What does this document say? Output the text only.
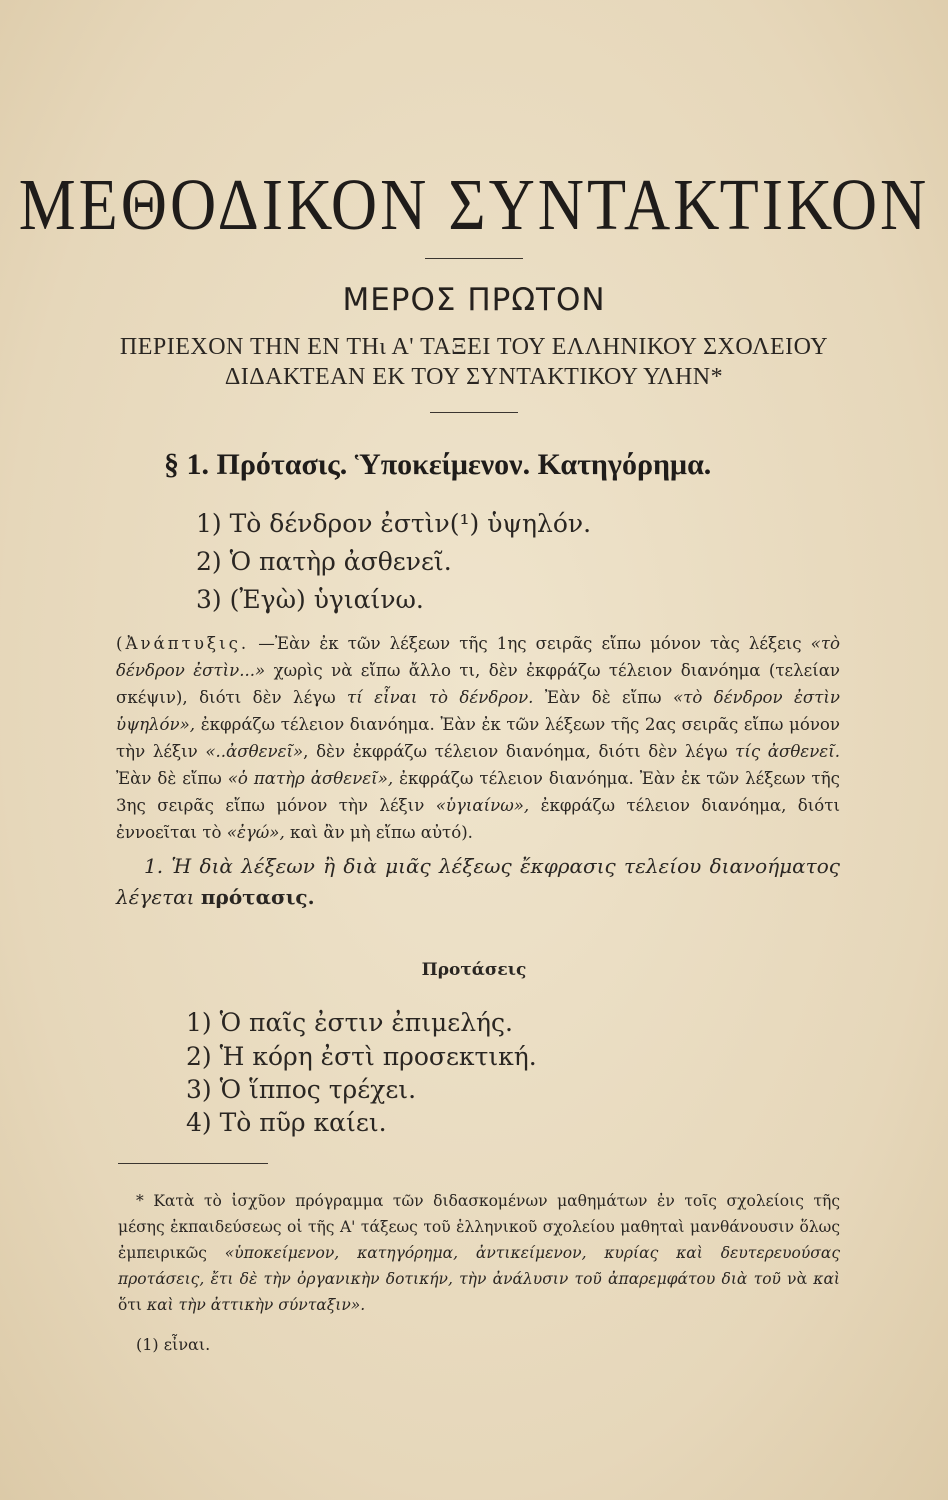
ΜΕΘΟΔΙΚΟΝ ΣΥΝΤΑΚΤΙΚΟΝ
ΜΕΡΟΣ ΠΡΩΤΟΝ
ΠΕΡΙΕΧΟΝ ΤΗΝ ΕΝ ΤΗι Α' ΤΑΞΕΙ ΤΟΥ ΕΛΛΗΝΙΚΟΥ ΣΧΟΛΕΙΟΥ
ΔΙΔΑΚΤΕΑΝ ΕΚ ΤΟΥ ΣΥΝΤΑΚΤΙΚΟΥ ΥΛΗΝ*
§ 1. Πρότασις. Ὑποκείμενον. Κατηγόρημα.
1) Τὸ δένδρον ἐστὶν(¹) ὑψηλόν.
2) Ὁ πατὴρ ἀσθενεῖ.
3) (Ἐγὼ) ὑγιαίνω.

(Ἀνάπτυξις. —Ἐὰν ἐκ τῶν λέξεων τῆς 1ης σειρᾶς εἴπω μόνον τὰς λέξεις «τὸ δένδρον ἐστὶν...» χωρὶς νὰ εἴπω ἄλλο τι, δὲν ἐκφράζω τέλειον διανόημα (τελείαν σκέψιν), διότι δὲν λέγω τί εἶναι τὸ δένδρον. Ἐὰν δὲ εἴπω «τὸ δένδρον ἐστὶν ὑψηλόν», ἐκφράζω τέλειον διανόημα. Ἐὰν ἐκ τῶν λέξεων τῆς 2ας σειρᾶς εἴπω μόνον τὴν λέξιν «..ἀσθενεῖ», δὲν ἐκφράζω τέλειον διανόημα, διότι δὲν λέγω τίς ἀσθενεῖ. Ἐὰν δὲ εἴπω «ὁ πατὴρ ἀσθενεῖ», ἐκφράζω τέλειον διανόημα. Ἐὰν ἐκ τῶν λέξεων τῆς 3ης σειρᾶς εἴπω μόνον τὴν λέξιν «ὑγιαίνω», ἐκφράζω τέλειον διανόημα, διότι ἐννοεῖται τὸ «ἐγώ», καὶ ἂν μὴ εἴπω αὐτό).

1. Ἡ διὰ λέξεων ἢ διὰ μιᾶς λέξεως ἔκφρασις τελείου διανοήματος λέγεται πρότασις.
Προτάσεις
1) Ὁ παῖς ἐστιν ἐπιμελής.
2) Ἡ κόρη ἐστὶ προσεκτική.
3) Ὁ ἵππος τρέχει.
4) Τὸ πῦρ καίει.
* Κατὰ τὸ ἰσχῦον πρόγραμμα τῶν διδασκομένων μαθημάτων ἐν τοῖς σχολείοις τῆς μέσης ἐκπαιδεύσεως οἱ τῆς Α' τάξεως τοῦ ἑλληνικοῦ σχολείου μαθηταὶ μανθάνουσιν ὅλως ἐμπειρικῶς «ὑποκείμενον, κατηγόρημα, ἀντικείμενον, κυρίας καὶ δευτερευούσας προτάσεις, ἔτι δὲ τὴν ὀργανικὴν δοτικήν, τὴν ἀνάλυσιν τοῦ ἀπαρεμφάτου διὰ τοῦ νὰ καὶ ὅτι καὶ τὴν ἀττικὴν σύνταξιν».
(1) εἶναι.
